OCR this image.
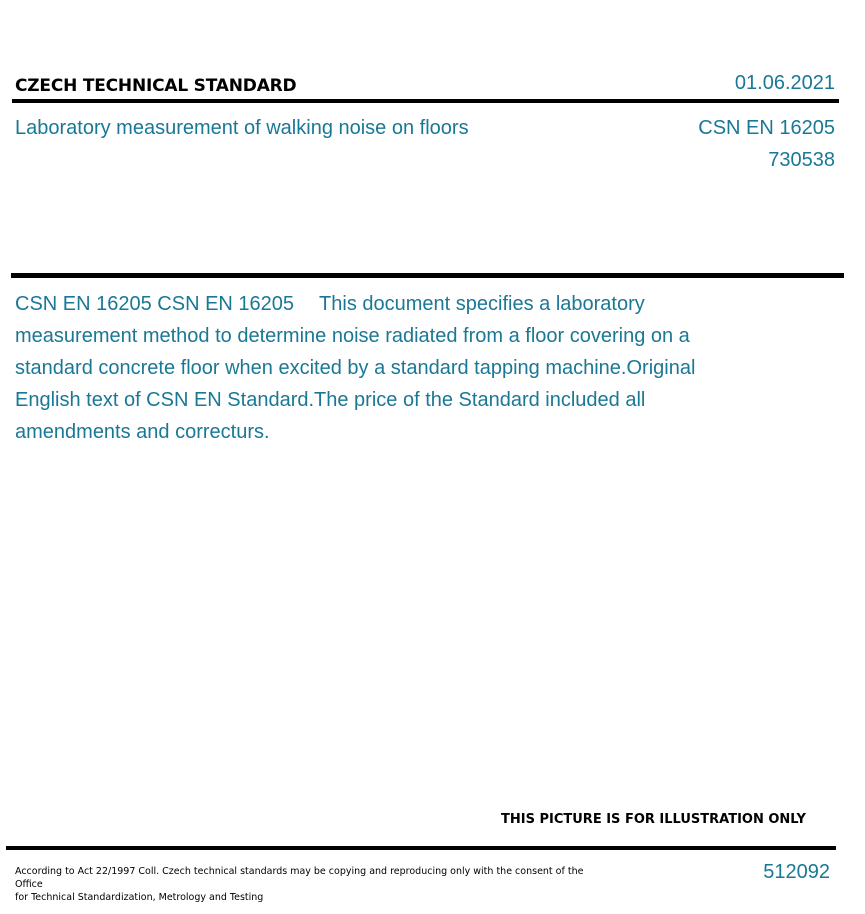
CZECH TECHNICAL STANDARD	01.06.2021
Laboratory measurement of walking noise on floors	CSN EN 16205
730538
CSN EN 16205 CSN EN 16205 This document specifies a laboratory measurement method to determine noise radiated from a floor covering on a standard concrete floor when excited by a standard tapping machine.Original English text of CSN EN Standard.The price of the Standard included all amendments and correcturs.
THIS PICTURE IS FOR ILLUSTRATION ONLY
According to Act 22/1997 Coll. Czech technical standards may be copying and reproducing only with the consent of the Office
for Technical Standardization, Metrology and Testing
512092
